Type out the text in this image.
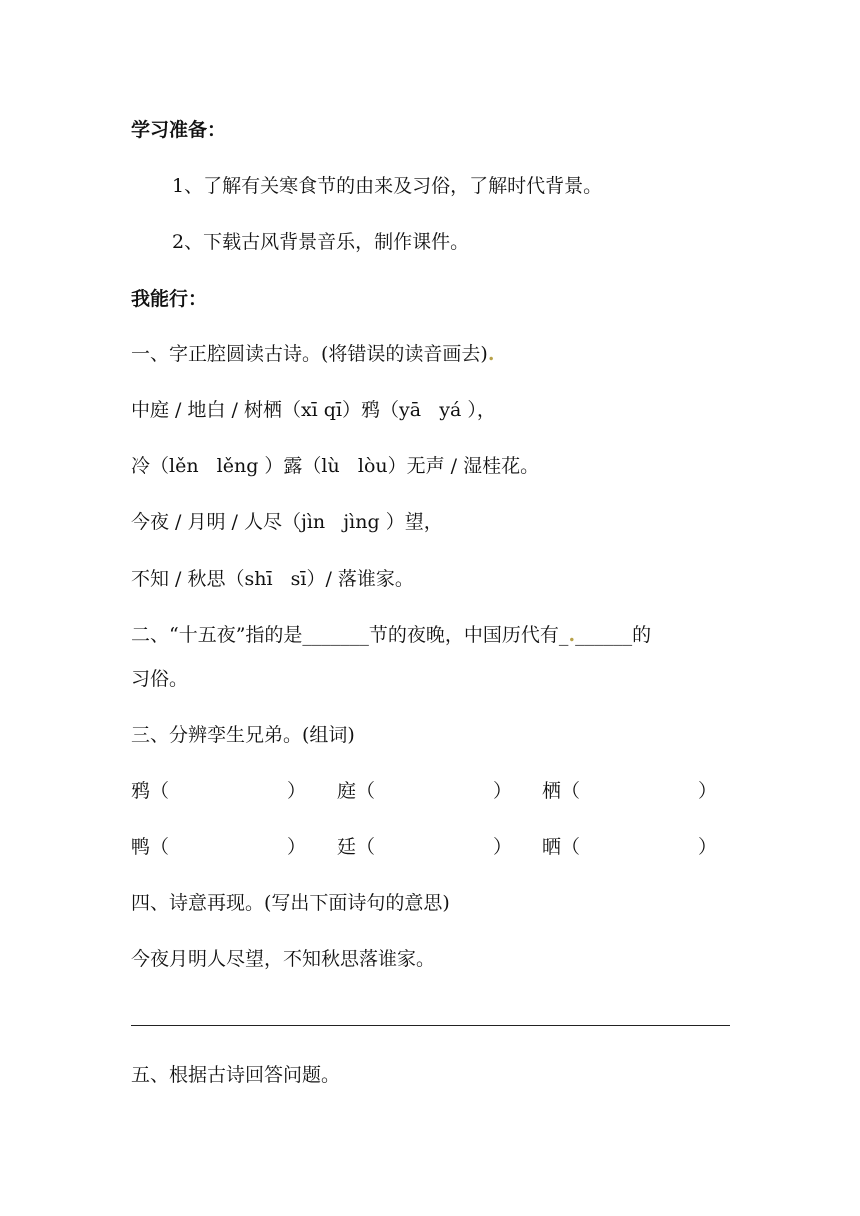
学习准备：
1、了解有关寒食节的由来及习俗，了解时代背景。
2、下载古风背景音乐，制作课件。
我能行：
一、字正腔圆读古诗。(将错误的读音画去).
中庭 / 地白 / 树栖（xī qī）鸦（yā   yá ），
冷（lěn   lěng ）露（lù   lòu）无声 / 湿桂花。
今夜 / 月明 / 人尽（jìn   jìng ）望，
不知 / 秋思（shī   sī）/ 落谁家。
二、“十五夜”指的是_______节的夜晚，中国历代有_.______的
习俗。
三、分辨孪生兄弟。(组词)
鸦（	） 庭（	） 栖（	）
鸭（	） 廷（	） 晒（	）
四、诗意再现。(写出下面诗句的意思)
今夜月明人尽望，不知秋思落谁家。
五、根据古诗回答问题。
